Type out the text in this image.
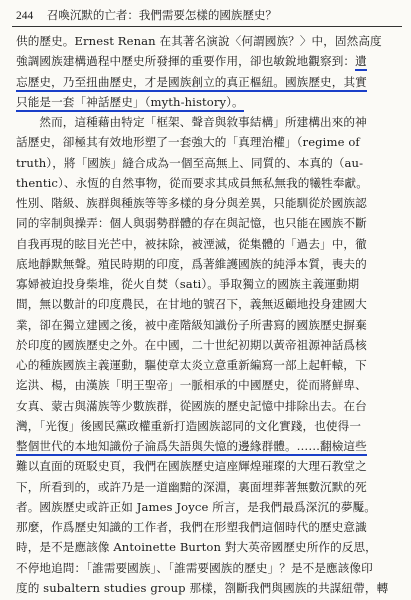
244 召喚沉默的亡者：我們需要怎樣的國族歷史？
供的歷史。Ernest Renan 在其著名演說〈何謂國族？〉中，固然高度
強調國族建構過程中歷史所發揮的重要作用，卻也敏銳地觀察到：遺
忘歷史，乃至扭曲歷史，才是國族創立的真正樞紐。國族歷史，其實
只能是一套「神話歷史」（myth-history）。
　　然而，這種藉由特定「框架、聲音與敘事結構」所建構出來的神
話歷史，卻極其有效地形塑了一套強大的「真理治權」（regime of
truth），將「國族」縫合成為一個至高無上、同質的、本真的（au-
thentic）、永恆的自然事物，從而要求其成員無私無我的犧牲奉獻。
性別、階級、族群與種族等等多樣的身分與差異，只能馴從於國族認
同的宰制與操弄：個人與弱勢群體的存在與記憶，也只能在國族不斷
自我再現的眩目光芒中，被抹除，被湮滅，從集體的「過去」中，徹
底地靜默無聲。殖民時期的印度，爲著維護國族的純淨本質，喪夫的
寡婦被迫投身柴堆，從火自焚（sati）。爭取獨立的國族主義運動期
間，無以數計的印度農民，在甘地的號召下，義無返顧地投身建國大
業，卻在獨立建國之後，被中產階級知識份子所書寫的國族歷史摒棄
於印度的國族歷史之外。在中國，二十世紀初期以黃帝祖源神話爲核
心的種族國族主義運動，驅使章太炎立意重新編寫一部上起軒轅，下
迄洪、楊，由漢族「明王聖帝」一脈相承的中國歷史，從而將鮮卑、
女真、蒙古與滿族等少數族群，從國族的歷史記憶中排除出去。在台
灣，「光復」後國民黨政權重新打造國族認同的文化實踐，也使得一
整個世代的本地知識份子淪爲失語與失憶的邊緣群體。……翻檢這些
難以直面的斑駁史頁，我們在國族歷史這座輝煌璀璨的大理石教堂之
下，所看到的，或許乃是一道幽黯的深淵，裏面埋葬著無數沉默的死
者。國族歷史或許正如 James Joyce 所言，是我們最爲深沉的夢魘。
那麼，作爲歷史知識的工作者，我們在形塑我們這個時代的歷史意識
時，是不是應該像 Antoinette Burton 對大英帝國歷史所作的反思，
不停地追問：「誰需要國族」、「誰需要國族的歷史」？是不是應該像印
度的 subaltern studies group 那樣，劄斷我們與國族的共謀紐帶，轉
